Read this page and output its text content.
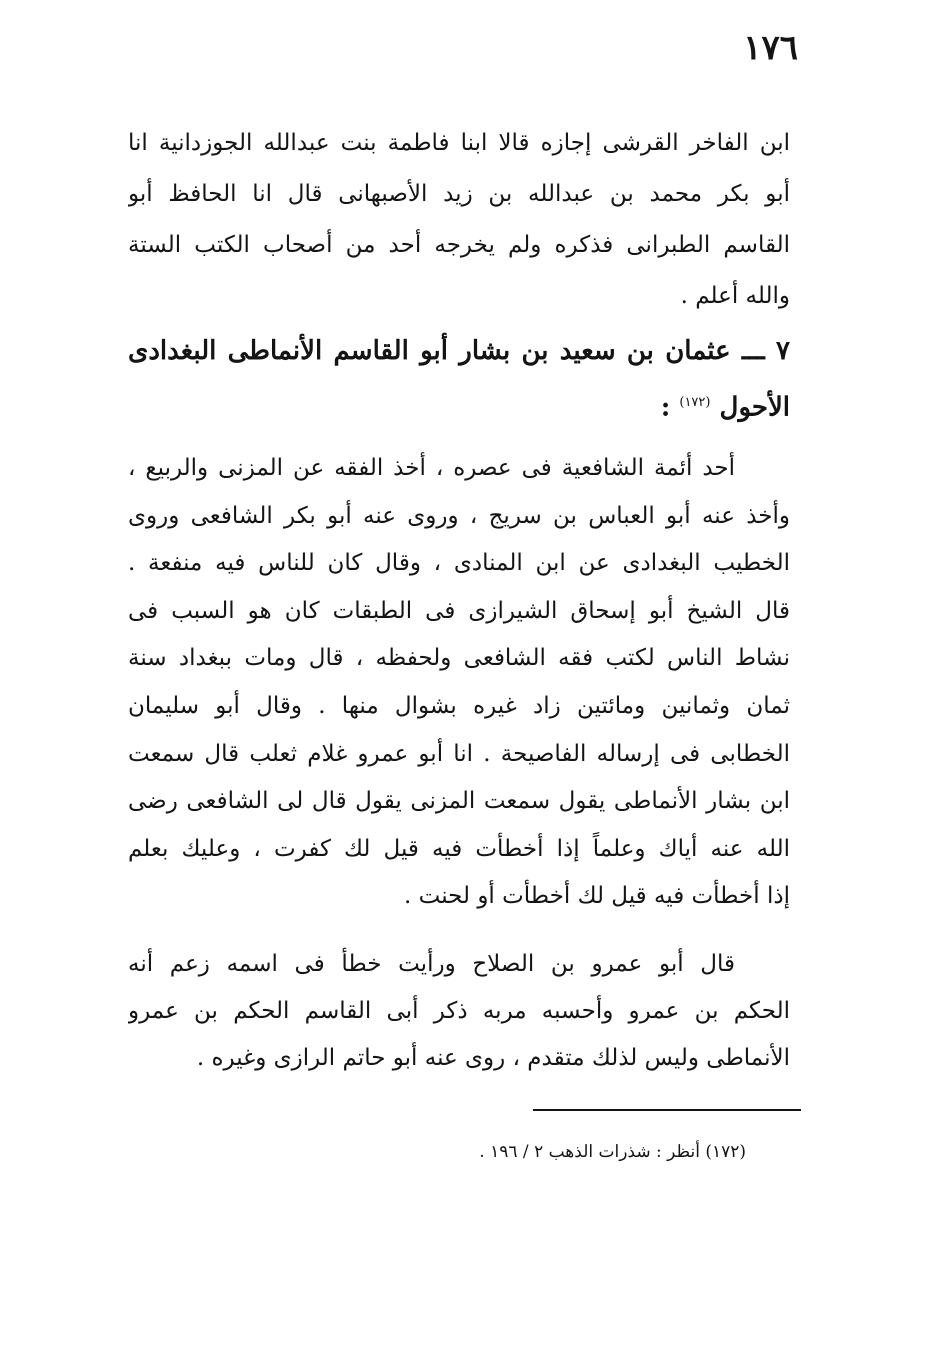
١٧٦
ابن الفاخر القرشى إجازه قالا ابنا فاطمة بنت عبدالله الجوزدانية انا
أبو بكر محمد بن عبدالله بن زيد الأصبهانى قال انا الحافظ أبو
القاسم الطبرانى فذكره ولم يخرجه أحد من أصحاب الكتب الستة
والله أعلم .
٧ ـــ عثمان بن سعيد بن بشار أبو القاسم الأنماطى البغدادى
الأحول $^{(١٧٢)}$ :
أحد أئمة الشافعية فى عصره ، أخذ الفقه عن المزنى والربيع ،
وأخذ عنه أبو العباس بن سريج ، وروى عنه أبو بكر الشافعى وروى
الخطيب البغدادى عن ابن المنادى ، وقال كان للناس فيه منفعة .
قال الشيخ أبو إسحاق الشيرازى فى الطبقات كان هو السبب فى
نشاط الناس لكتب فقه الشافعى ولحفظه ، قال ومات ببغداد سنة
ثمان وثمانين ومائتين زاد غيره بشوال منها . وقال أبو سليمان
الخطابى فى إرساله الفاصيحة . انا أبو عمرو غلام ثعلب قال سمعت
ابن بشار الأنماطى يقول سمعت المزنى يقول قال لى الشافعى رضى
الله عنه أياك وعلماً إذا أخطأت فيه قيل لك كفرت ، وعليك بعلم
إذا أخطأت فيه قيل لك أخطأت أو لحنت .
قال أبو عمرو بن الصلاح ورأيت خطأ فى اسمه زعم أنه
الحكم بن عمرو وأحسبه مربه ذكر أبى القاسم الحكم بن عمرو
الأنماطى وليس لذلك متقدم ، روى عنه أبو حاتم الرازى وغيره .
(١٧٢) أنظر : شذرات الذهب ٢ / ١٩٦ .
